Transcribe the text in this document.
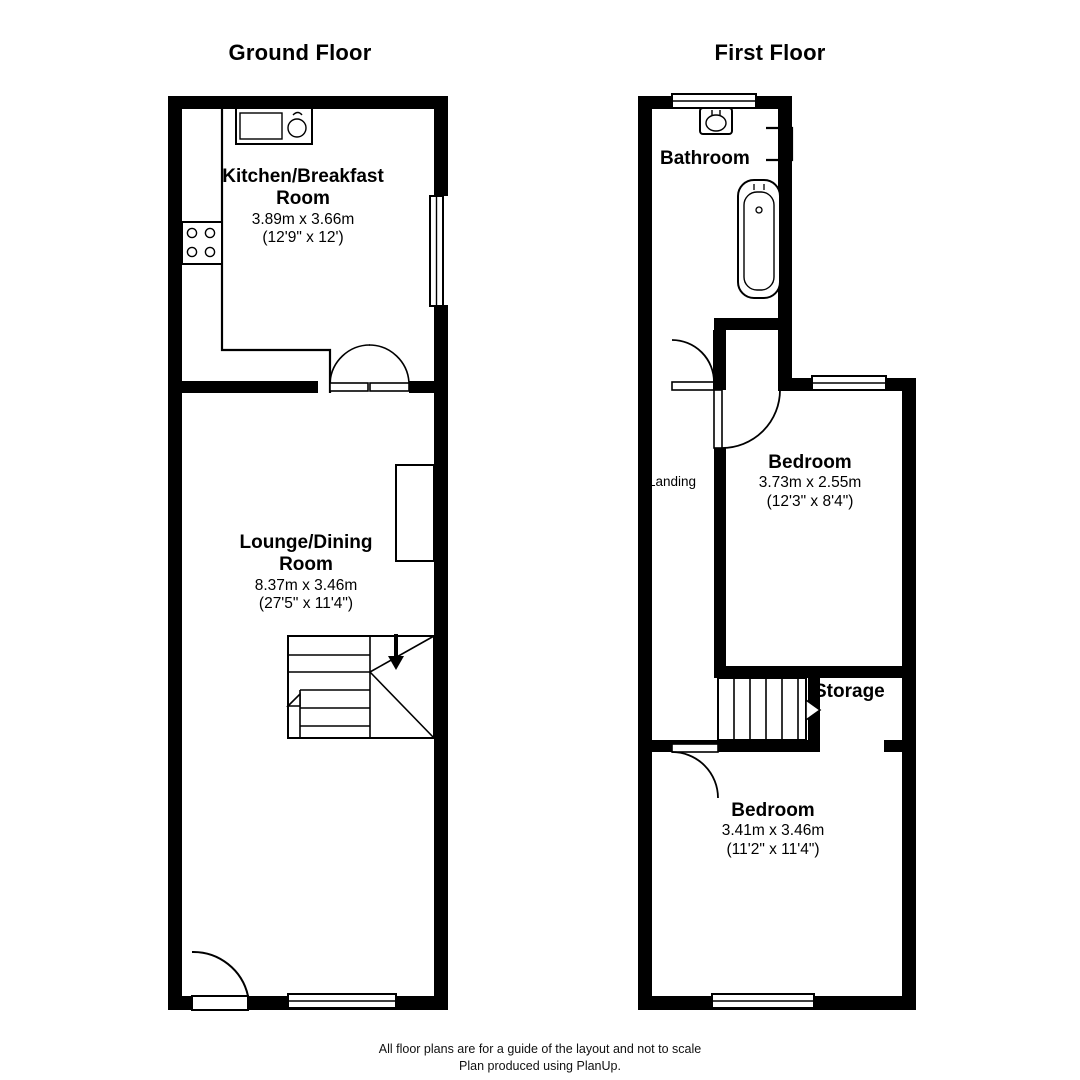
Ground Floor	First Floor
Kitchen/Breakfast
Room
3.89m x 3.66m
(12'9" x 12')
Lounge/Dining
Room
8.37m x 3.46m
(27'5" x 11'4")
Bathroom
Bedroom
3.73m x 2.55m
(12'3" x 8'4")
Landing
Storage
Bedroom
3.41m x 3.46m
(11'2" x 11'4")
All floor plans are for a guide of the layout and not to scale
Plan produced using PlanUp.
